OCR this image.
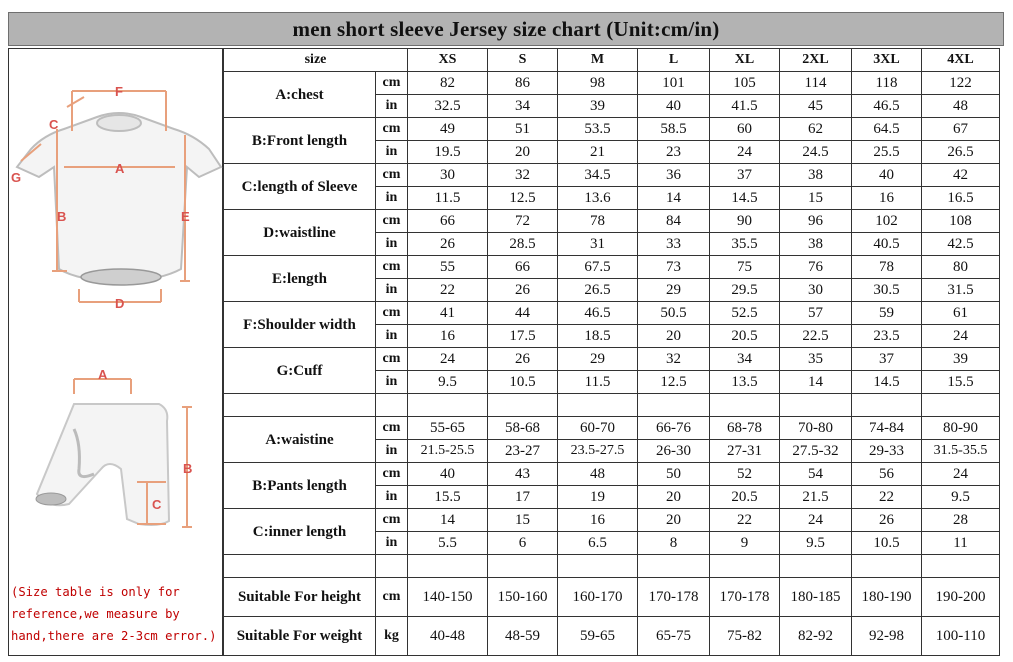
men short sleeve Jersey size chart (Unit:cm/in)
F
C
G
A
B	E
D
A
B
C
(Size table is only for
reference,we measure by
hand,there are 2-3cm error.)
size		XS	S	M	L	XL	2XL	3XL	4XL
A:chest	cm	82	86	98	101	105	114	118	122
	in	32.5	34	39	40	41.5	45	46.5	48
B:Front length	cm	49	51	53.5	58.5	60	62	64.5	67
	in	19.5	20	21	23	24	24.5	25.5	26.5
C:length of Sleeve	cm	30	32	34.5	36	37	38	40	42
	in	11.5	12.5	13.6	14	14.5	15	16	16.5
D:waistline	cm	66	72	78	84	90	96	102	108
	in	26	28.5	31	33	35.5	38	40.5	42.5
E:length	cm	55	66	67.5	73	75	76	78	80
	in	22	26	26.5	29	29.5	30	30.5	31.5
F:Shoulder width	cm	41	44	46.5	50.5	52.5	57	59	61
	in	16	17.5	18.5	20	20.5	22.5	23.5	24
G:Cuff	cm	24	26	29	32	34	35	37	39
	in	9.5	10.5	11.5	12.5	13.5	14	14.5	15.5

A:waistine	cm	55-65	58-68	60-70	66-76	68-78	70-80	74-84	80-90
	in	21.5-25.5	23-27	23.5-27.5	26-30	27-31	27.5-32	29-33	31.5-35.5
B:Pants length	cm	40	43	48	50	52	54	56	24
	in	15.5	17	19	20	20.5	21.5	22	9.5
C:inner length	cm	14	15	16	20	22	24	26	28
	in	5.5	6	6.5	8	9	9.5	10.5	11

Suitable For height	cm	140-150	150-160	160-170	170-178	170-178	180-185	180-190	190-200
Suitable For weight	kg	40-48	48-59	59-65	65-75	75-82	82-92	92-98	100-110
